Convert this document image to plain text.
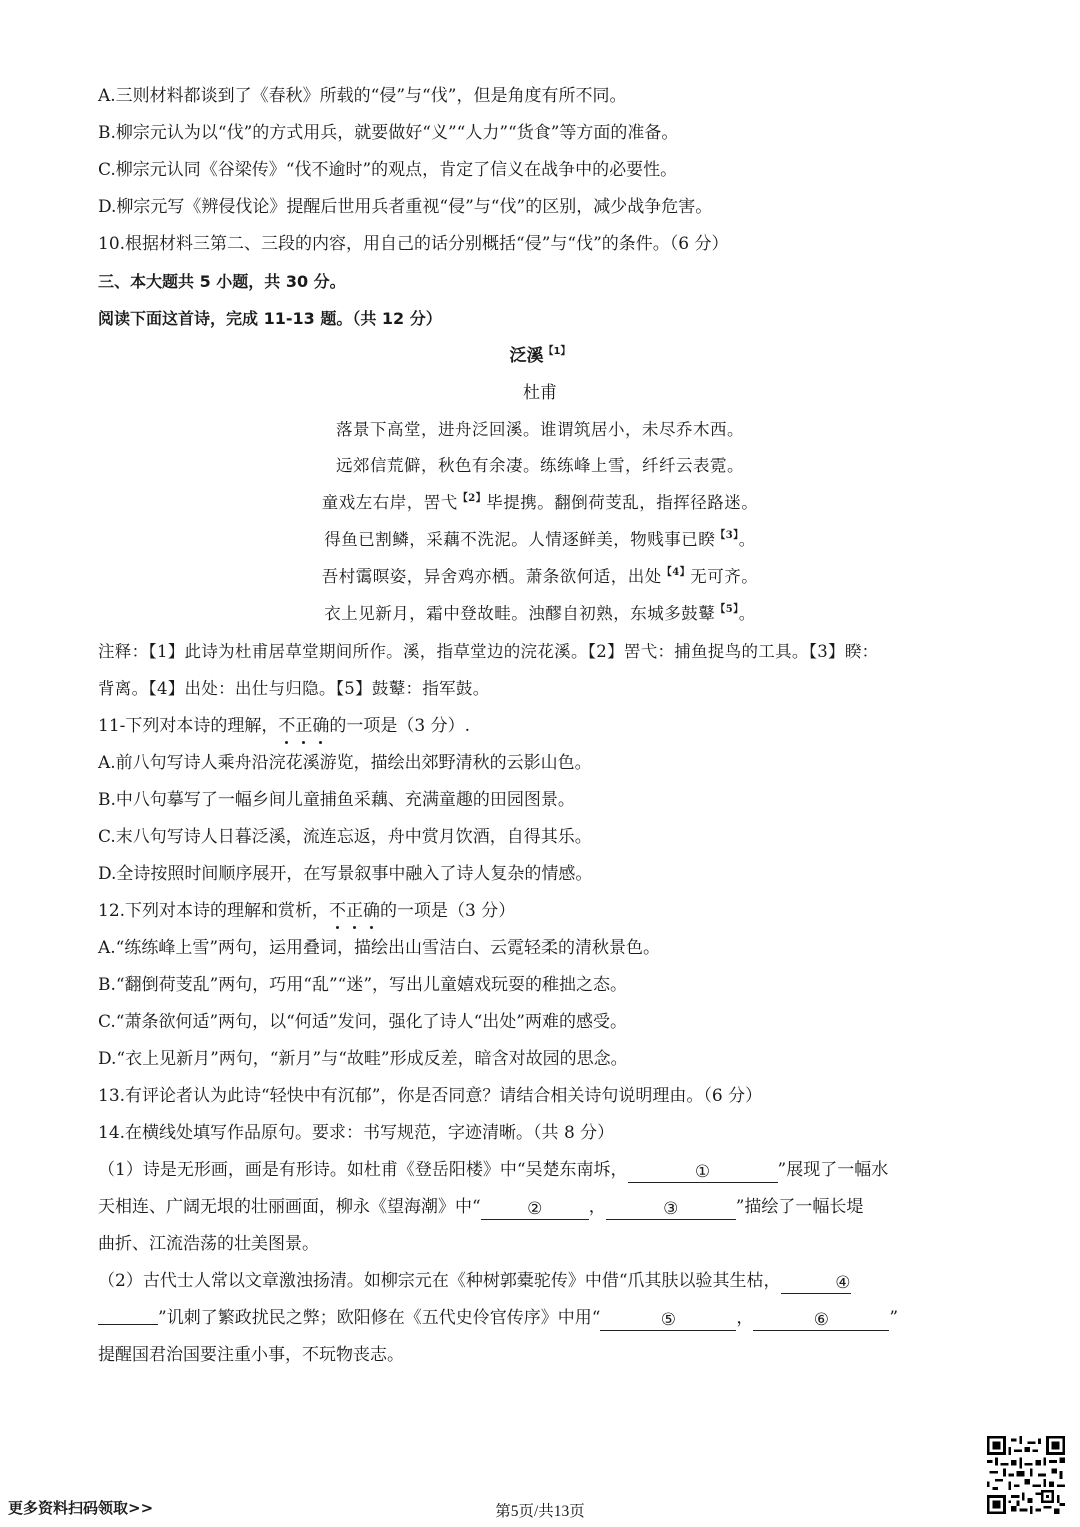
A.三则材料都谈到了《春秋》所载的“侵”与“伐”，但是角度有所不同。
B.柳宗元认为以“伐”的方式用兵，就要做好“义”“人力”“货食”等方面的准备。
C.柳宗元认同《谷梁传》“伐不逾时”的观点，肯定了信义在战争中的必要性。
D.柳宗元写《辨侵伐论》提醒后世用兵者重视“侵”与“伐”的区别，减少战争危害。
10.根据材料三第二、三段的内容，用自己的话分别概括“侵”与“伐”的条件。（6 分）
三、本大题共 5 小题，共 30 分。
阅读下面这首诗，完成 11-13 题。（共 12 分）
泛溪$^{【1】}$
杜甫
落景下高堂，进舟泛回溪。谁谓筑居小，未尽乔木西。
远郊信荒僻，秋色有余凄。练练峰上雪，纤纤云表霓。
童戏左右岸，罟弋$^{【2】}$毕提携。翻倒荷芰乱，指挥径路迷。
得鱼已割鳞，采藕不洗泥。人情逐鲜美，物贱事已睽$^{【3】}$。
吾村霭暝姿，异舍鸡亦栖。萧条欲何适，出处$^{【4】}$无可齐。
衣上见新月，霜中登故畦。浊醪自初熟，东城多鼓鼙$^{【5】}$。
注释：【1】此诗为杜甫居草堂期间所作。溪，指草堂边的浣花溪。【2】罟弋：捕鱼捉鸟的工具。【3】睽：
背离。【4】出处：出仕与归隐。【5】鼓鼙：指军鼓。
11-下列对本诗的理解，不正确的一项是（3 分）.
A.前八句写诗人乘舟沿浣花溪游览，描绘出郊野清秋的云影山色。
B.中八句摹写了一幅乡间儿童捕鱼采藕、充满童趣的田园图景。
C.末八句写诗人日暮泛溪，流连忘返，舟中赏月饮酒，自得其乐。
D.全诗按照时间顺序展开，在写景叙事中融入了诗人复杂的情感。
12.下列对本诗的理解和赏析，不正确的一项是（3 分）
A.“练练峰上雪”两句，运用叠词，描绘出山雪洁白、云霓轻柔的清秋景色。
B.“翻倒荷芰乱”两句，巧用“乱”“迷”，写出儿童嬉戏玩耍的稚拙之态。
C.“萧条欲何适”两句，以“何适”发问，强化了诗人“出处”两难的感受。
D.“衣上见新月”两句，“新月”与“故畦”形成反差，暗含对故园的思念。
13.有评论者认为此诗“轻快中有沉郁”，你是否同意？请结合相关诗句说明理由。（6 分）
14.在横线处填写作品原句。要求：书写规范，字迹清晰。（共 8 分）
（1）诗是无形画，画是有形诗。如杜甫《登岳阳楼》中“吴楚东南坼，	①	”展现了一幅水
天相连、广阔无垠的壮丽画面，柳永《望海潮》中“	②	，	③	”描绘了一幅长堤
曲折、江流浩荡的壮美图景。
（2）古代士人常以文章激浊扬清。如柳宗元在《种树郭橐驼传》中借“爪其肤以验其生枯，	④
”讥刺了繁政扰民之弊；欧阳修在《五代史伶官传序》中用“	⑤	，	⑥	”
提醒国君治国要注重小事，不玩物丧志。
更多资料扫码领取>>	第5页/共13页
